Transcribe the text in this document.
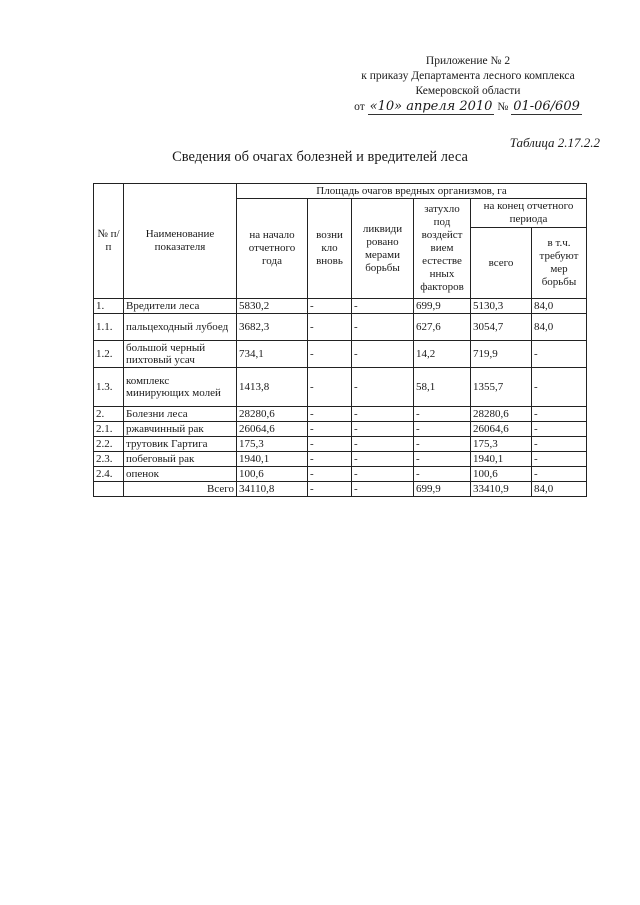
Приложение № 2
к приказу Департамента лесного комплекса
Кемеровской области
от «10» апреля 2010 № 01-06/609
Таблица 2.17.2.2
Сведения об очагах болезней и вредителей леса
№ п/п	Наименование показателя	Площадь очагов вредных организмов, га					
		на начало отчетного года	возни кло вновь	ликвиди ровано мерами борьбы	затухло под воздейст вием естестве нных факторов	на конец отчетного периода	
						всего	в т.ч. требуют мер борьбы
1.	Вредители леса	5830,2	-	-	699,9	5130,3	84,0
1.1.	пальцеходный лубоед	3682,3	-	-	627,6	3054,7	84,0
1.2.	большой черный пихтовый усач	734,1	-	-	14,2	719,9	-
1.3.	комплекс минирующих молей	1413,8	-	-	58,1	1355,7	-
2.	Болезни леса	28280,6	-	-	-	28280,6	-
2.1.	ржавчинный рак	26064,6	-	-	-	26064,6	-
2.2.	трутовик Гартига	175,3	-	-	-	175,3	-
2.3.	побеговый рак	1940,1	-	-	-	1940,1	-
2.4.	опенок	100,6	-	-	-	100,6	-
	Всего	34110,8	-	-	699,9	33410,9	84,0
